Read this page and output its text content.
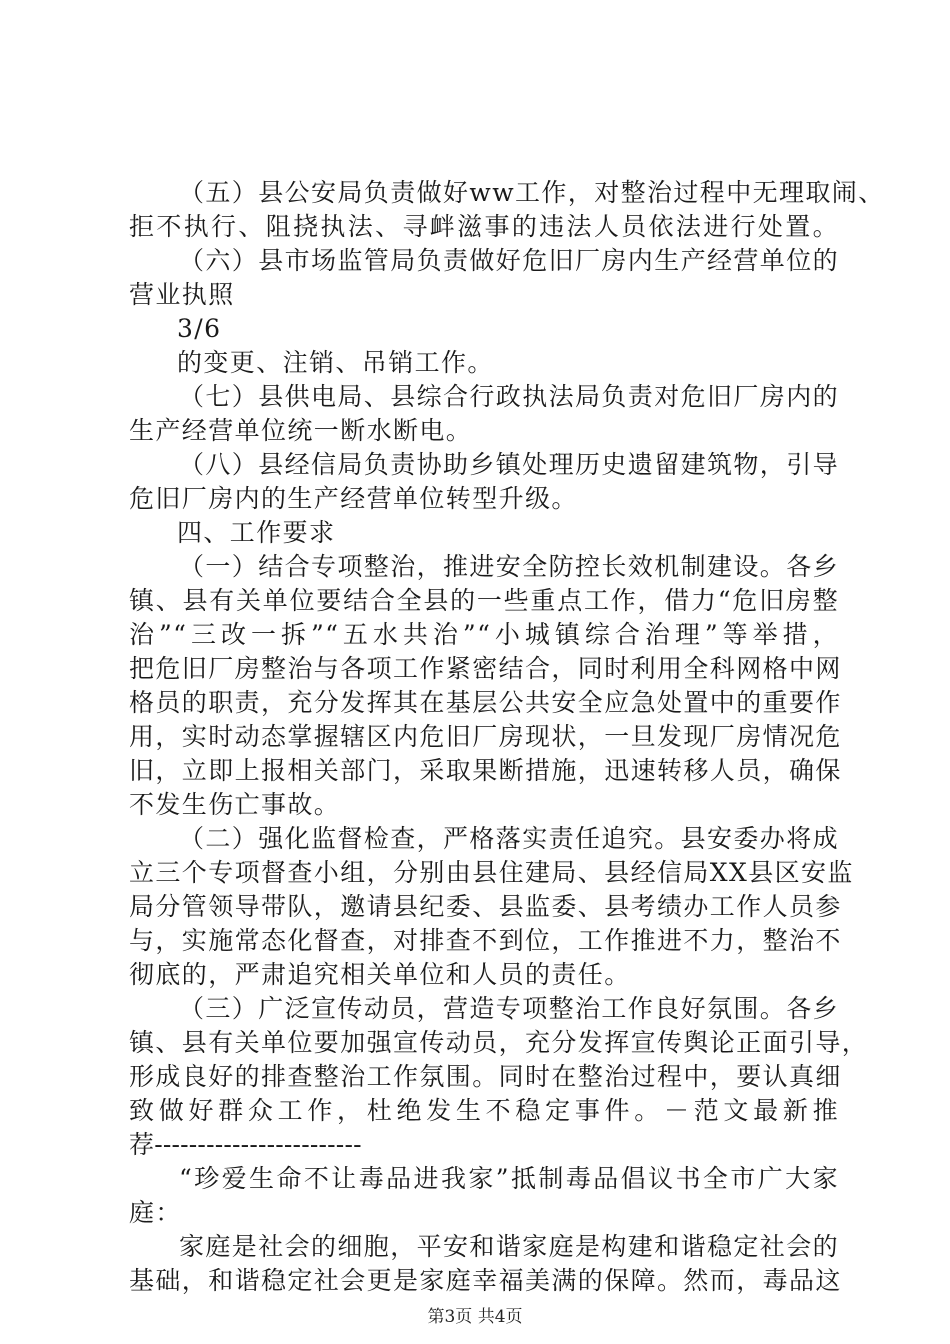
（五）县公安局负责做好ww工作，对整治过程中无理取闹、
拒不执行、阻挠执法、寻衅滋事的违法人员依法进行处置。
（六）县市场监管局负责做好危旧厂房内生产经营单位的
营业执照
3/6
的变更、注销、吊销工作。
（七）县供电局、县综合行政执法局负责对危旧厂房内的
生产经营单位统一断水断电。
（八）县经信局负责协助乡镇处理历史遗留建筑物，引导
危旧厂房内的生产经营单位转型升级。
四、工作要求
（一）结合专项整治，推进安全防控长效机制建设。各乡
镇、县有关单位要结合全县的一些重点工作，借力“危旧房整
治”“三改一拆”“五水共治”“小城镇综合治理”等举措，
把危旧厂房整治与各项工作紧密结合，同时利用全科网格中网
格员的职责，充分发挥其在基层公共安全应急处置中的重要作
用，实时动态掌握辖区内危旧厂房现状，一旦发现厂房情况危
旧，立即上报相关部门，采取果断措施，迅速转移人员，确保
不发生伤亡事故。
（二）强化监督检查，严格落实责任追究。县安委办将成
立三个专项督查小组，分别由县住建局、县经信局XX县区安监
局分管领导带队，邀请县纪委、县监委、县考绩办工作人员参
与，实施常态化督查，对排查不到位，工作推进不力，整治不
彻底的，严肃追究相关单位和人员的责任。
（三）广泛宣传动员，营造专项整治工作良好氛围。各乡
镇、县有关单位要加强宣传动员，充分发挥宣传舆论正面引导，
形成良好的排查整治工作氛围。同时在整治过程中，要认真细
致做好群众工作，杜绝发生不稳定事件。－范文最新推
荐------------------------
“珍爱生命不让毒品进我家”抵制毒品倡议书全市广大家
庭：
家庭是社会的细胞，平安和谐家庭是构建和谐稳定社会的
基础，和谐稳定社会更是家庭幸福美满的保障。然而，毒品这
第3页 共4页
